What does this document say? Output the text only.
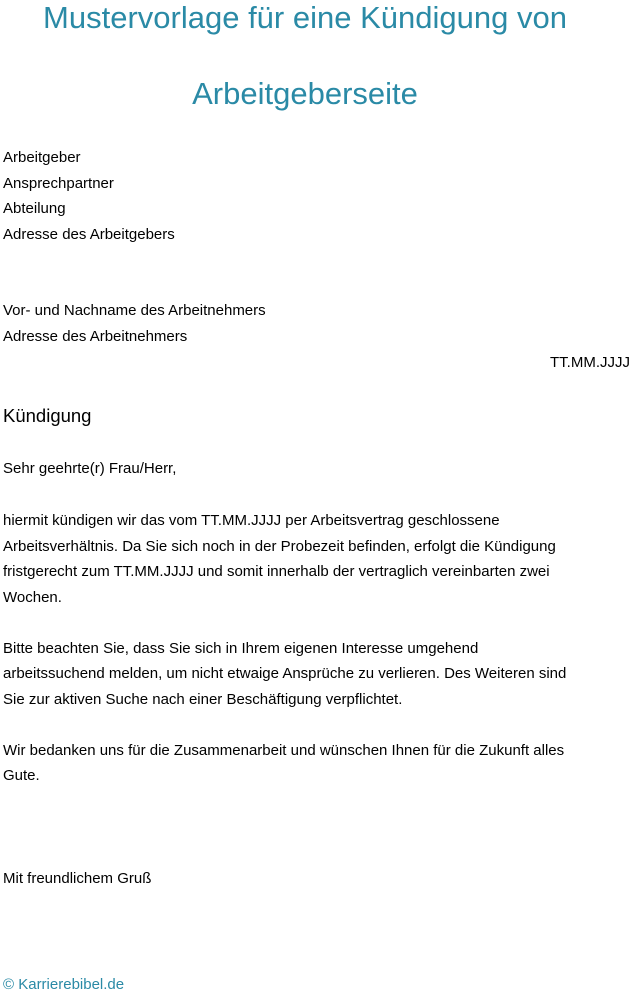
Mustervorlage für eine Kündigung von
Arbeitgeberseite
Arbeitgeber
Ansprechpartner
Abteilung
Adresse des Arbeitgebers
Vor- und Nachname des Arbeitnehmers
Adresse des Arbeitnehmers
TT.MM.JJJJ
Kündigung
Sehr geehrte(r) Frau/Herr,
hiermit kündigen wir das vom TT.MM.JJJJ per Arbeitsvertrag geschlossene
Arbeitsverhältnis. Da Sie sich noch in der Probezeit befinden, erfolgt die Kündigung
fristgerecht zum TT.MM.JJJJ und somit innerhalb der vertraglich vereinbarten zwei
Wochen.
Bitte beachten Sie, dass Sie sich in Ihrem eigenen Interesse umgehend
arbeitssuchend melden, um nicht etwaige Ansprüche zu verlieren. Des Weiteren sind
Sie zur aktiven Suche nach einer Beschäftigung verpflichtet.
Wir bedanken uns für die Zusammenarbeit und wünschen Ihnen für die Zukunft alles
Gute.
Mit freundlichem Gruß
© Karrierebibel.de
